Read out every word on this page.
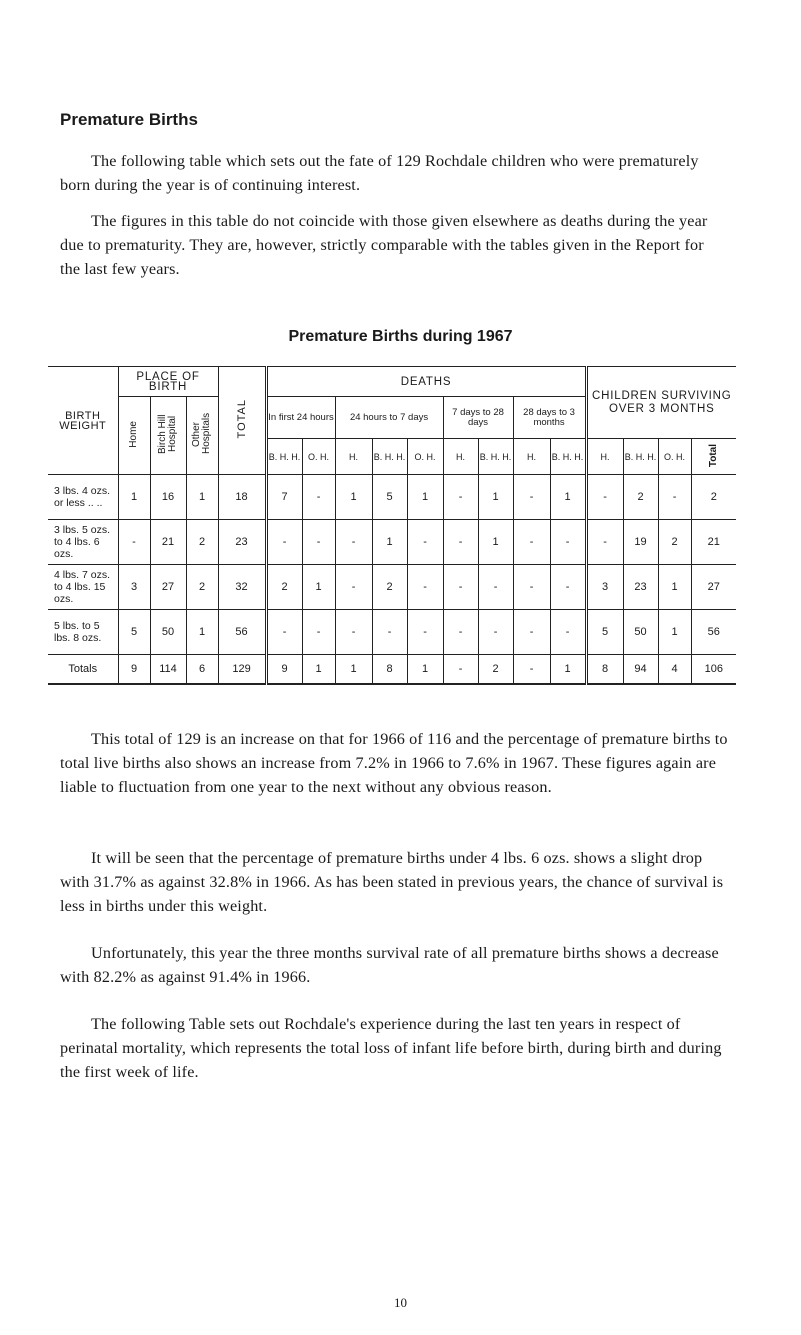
Premature Births

The following table which sets out the fate of 129 Rochdale children who were prematurely born during the year is of continuing interest.

The figures in this table do not coincide with those given elsewhere as deaths during the year due to prematurity. They are, however, strictly comparable with the tables given in the Report for the last few years.

Premature Births during 1967

BIRTH WEIGHT	PLACE OF BIRTH			TOTAL	DEATHS									CHILDREN SURVIVING OVER 3 MONTHS			
	Home	Birch Hill Hospital	Other Hospitals		In first 24 hours		24 hours to 7 days			7 days to 28 days		28 days to 3 months					
					B. H. H.	O. H.	H.	B. H. H.	O. H.	H.	B. H. H.	H.	B. H. H.	H.	B. H. H.	O. H.	Total
3 lbs. 4 ozs. or less .. ..	1	16	1	18	7	-	1	5	1	-	1	-	1	-	2	-	2
3 lbs. 5 ozs. to 4 lbs. 6 ozs.	-	21	2	23	-	-	-	1	-	-	1	-	-	-	19	2	21
4 lbs. 7 ozs. to 4 lbs. 15 ozs.	3	27	2	32	2	1	-	2	-	-	-	-	-	3	23	1	27
5 lbs. to 5 lbs. 8 ozs.	5	50	1	56	-	-	-	-	-	-	-	-	-	5	50	1	56
Totals	9	114	6	129	9	1	1	8	1	-	2	-	1	8	94	4	106

This total of 129 is an increase on that for 1966 of 116 and the percentage of premature births to total live births also shows an increase from 7.2% in 1966 to 7.6% in 1967. These figures again are liable to fluctuation from one year to the next without any obvious reason.

It will be seen that the percentage of premature births under 4 lbs. 6 ozs. shows a slight drop with 31.7% as against 32.8% in 1966. As has been stated in previous years, the chance of survival is less in births under this weight.

Unfortunately, this year the three months survival rate of all premature births shows a decrease with 82.2% as against 91.4% in 1966.

The following Table sets out Rochdale's experience during the last ten years in respect of perinatal mortality, which represents the total loss of infant life before birth, during birth and during the first week of life.

10
